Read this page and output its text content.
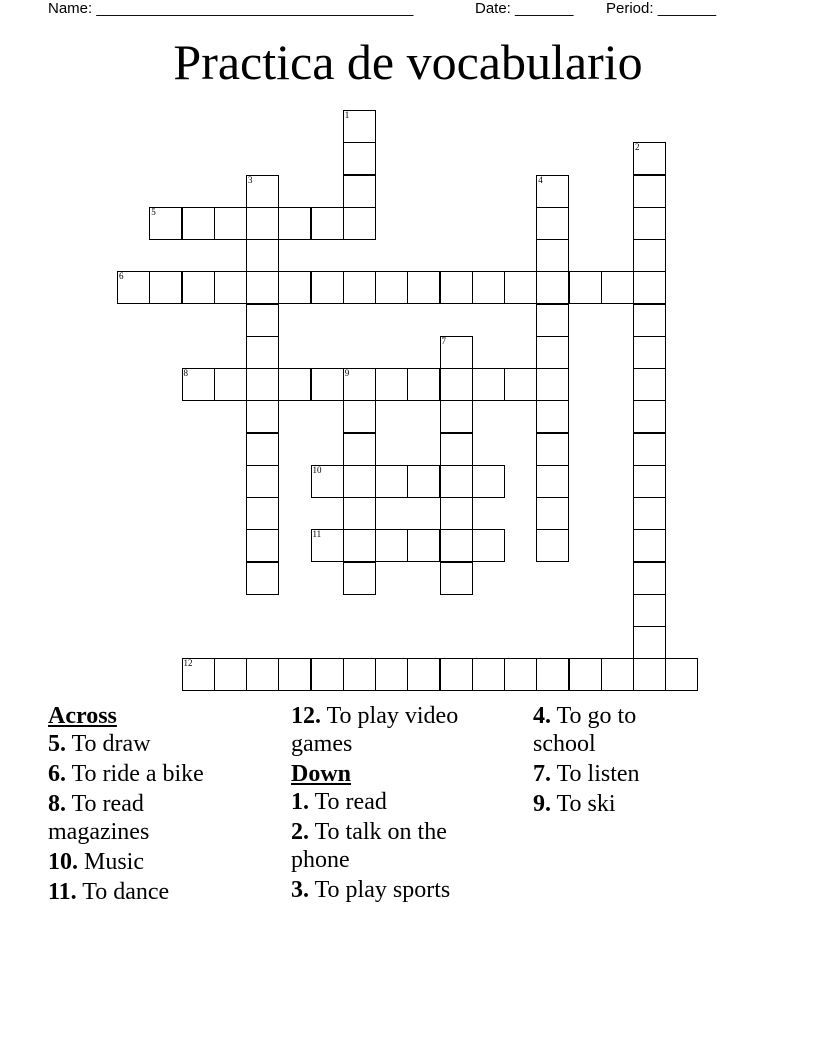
Name: ______________________________________	Date: _______ Period: _______
Practica de vocabulario
1
2
3	4
5
6
7
8	9
10
11
12
Across
5. To draw
6. To ride a bike
8. To read magazines
10. Music
11. To dance
12. To play video games
Down
1. To read
2. To talk on the phone
3. To play sports
4. To go to school
7. To listen
9. To ski
